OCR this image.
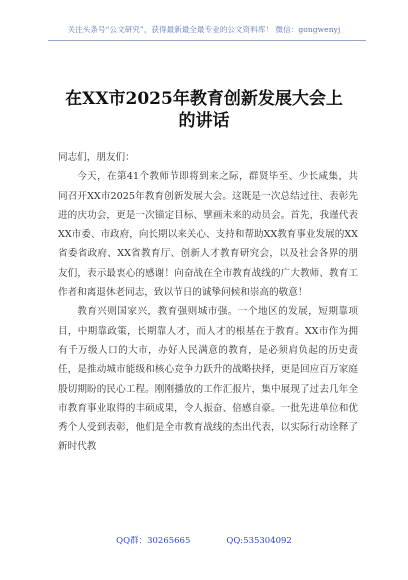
关注头条号“公文研究”，获得最新最全最专业的公文资料库！ 微信：gongwenyj
在XX市2025年教育创新发展大会上
的讲话

同志们，朋友们：

今天，在第41个教师节即将到来之际，群贤毕至、少长咸集，共同召开XX市2025年教育创新发展大会。这既是一次总结过往、表彰先进的庆功会，更是一次锚定目标、擘画未来的动员会。首先，我谨代表XX市委、市政府，向长期以来关心、支持和帮助XX教育事业发展的XX省委省政府、XX省教育厅、创新人才教育研究会，以及社会各界的朋友们，表示最衷心的感谢！向奋战在全市教育战线的广大教师、教育工作者和离退休老同志，致以节日的诚挚问候和崇高的敬意！

教育兴则国家兴，教育强则城市强。一个地区的发展，短期靠项目，中期靠政策，长期靠人才，而人才的根基在于教育。XX市作为拥有千万级人口的大市，办好人民满意的教育，是必须肩负起的历史责任，是推动城市能级和核心竞争力跃升的战略抉择，更是回应百万家庭殷切期盼的民心工程。刚刚播放的工作汇报片，集中展现了过去几年全市教育事业取得的丰硕成果，令人振奋、倍感自豪。一批先进单位和优秀个人受到表彰，他们是全市教育战线的杰出代表，以实际行动诠释了新时代教

QQ群：30265665	QQ:535304092
